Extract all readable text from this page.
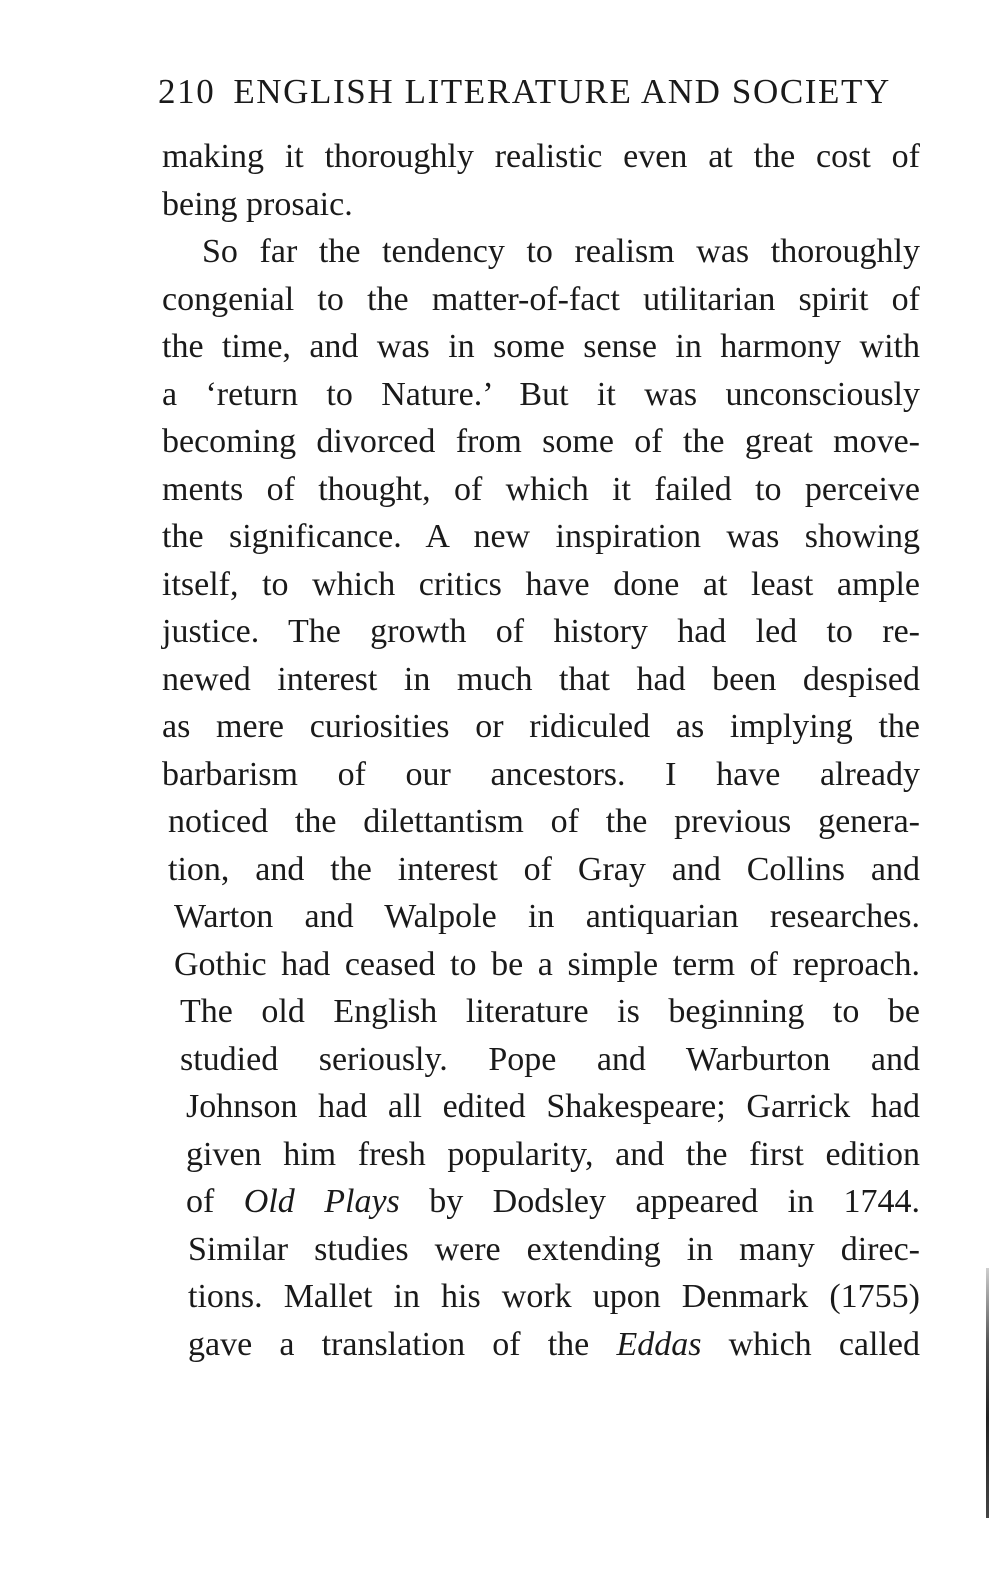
210 ENGLISH LITERATURE AND SOCIETY
making it thoroughly realistic even at the cost of
being prosaic.
So far the tendency to realism was thoroughly
congenial to the matter-of-fact utilitarian spirit of
the time, and was in some sense in harmony with
a ‘return to Nature.’ But it was unconsciously
becoming divorced from some of the great move-
ments of thought, of which it failed to perceive
the significance. A new inspiration was showing
itself, to which critics have done at least ample
justice. The growth of history had led to re-
newed interest in much that had been despised
as mere curiosities or ridiculed as implying the
barbarism of our ancestors. I have already
noticed the dilettantism of the previous genera-
tion, and the interest of Gray and Collins and
Warton and Walpole in antiquarian researches.
Gothic had ceased to be a simple term of reproach.
The old English literature is beginning to be
studied seriously. Pope and Warburton and
Johnson had all edited Shakespeare; Garrick had
given him fresh popularity, and the first edition
of Old Plays by Dodsley appeared in 1744.
Similar studies were extending in many direc-
tions. Mallet in his work upon Denmark (1755)
gave a translation of the Eddas which called
